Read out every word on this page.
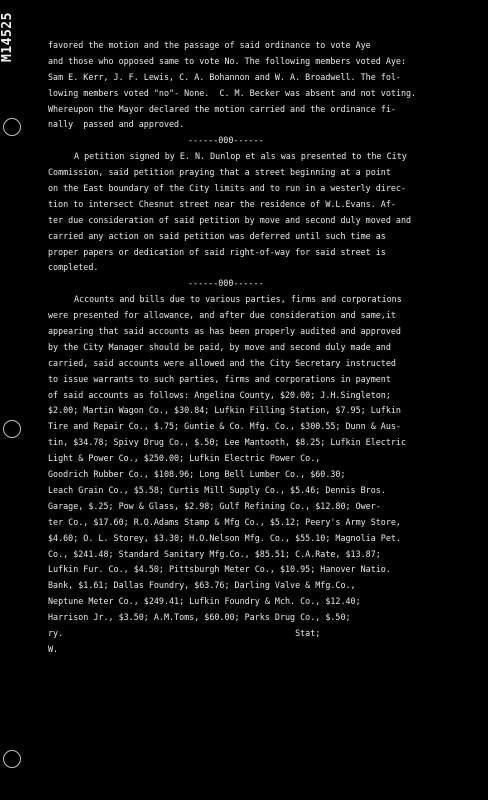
M14525	favored the motion and the passage of said ordinance to vote Aye
and those who opposed same to vote No. The following members voted Aye:
Sam E. Kerr, J. F. Lewis, C. A. Bohannon and W. A. Broadwell. The fol-
lowing members voted "no"- None.  C. M. Becker was absent and not voting.
Whereupon the Mayor declared the motion carried and the ordinance fi-
nally  passed and approved.
------000------
A petition signed by E. N. Dunlop et als was presented to the City
Commission, said petition praying that a street beginning at a point
on the East boundary of the City limits and to run in a westerly direc-
tion to intersect Chesnut street near the residence of W.L.Evans. Af-
ter due consideration of said petition by move and second duly moved and
carried any action on said petition was deferred until such time as
proper papers or dedication of said right-of-way for said street is
completed.
------000------
Accounts and bills due to various parties, firms and corporations
were presented for allowance, and after due consideration and same,it
appearing that said accounts as has been properly audited and approved
by the City Manager should be paid, by move and second duly made and
carried, said accounts were allowed and the City Secretary instructed
to issue warrants to such parties, firms and corporations in payment
of said accounts as follows: Angelina County, $20.00; J.H.Singleton;
$2.00; Martin Wagon Co., $30.84; Lufkin Filling Station, $7.95; Lufkin
Tire and Repair Co., $.75; Guntie & Co. Mfg. Co., $300.55; Dunn & Aus-
tin, $34.78; Spivy Drug Co., $.50; Lee Mantooth, $8.25; Lufkin Electric
Light & Power Co., $250.00; Lufkin Electric Power Co.,
Goodrich Rubber Co., $108.96; Long Bell Lumber Co., $60.30;
Leach Grain Co., $5.58; Curtis Mill Supply Co., $5.46; Dennis Bros.
Garage, $.25; Pow & Glass, $2.98; Gulf Refining Co., $12.80; Ower-
ter Co., $17.60; R.O.Adams Stamp & Mfg Co., $5.12; Peery's Army Store,
$4.60; O. L. Storey, $3.30; H.O.Nelson Mfg. Co., $55.10; Magnolia Pet.
Co., $241.48; Standard Sanitary Mfg.Co., $85.51; C.A.Rate, $13.87;
Lufkin Fur. Co., $4.50; Pittsburgh Meter Co., $10.95; Hanover Natio.
Bank, $1.61; Dallas Foundry, $63.76; Darling Valve & Mfg.Co.,
Neptune Meter Co., $249.41; Lufkin Foundry & Mch. Co., $12.40;
Harrison Jr., $3.50; A.M.Toms, $60.00; Parks Drug Co., $.50;
ry.                                              Stat;
W.
